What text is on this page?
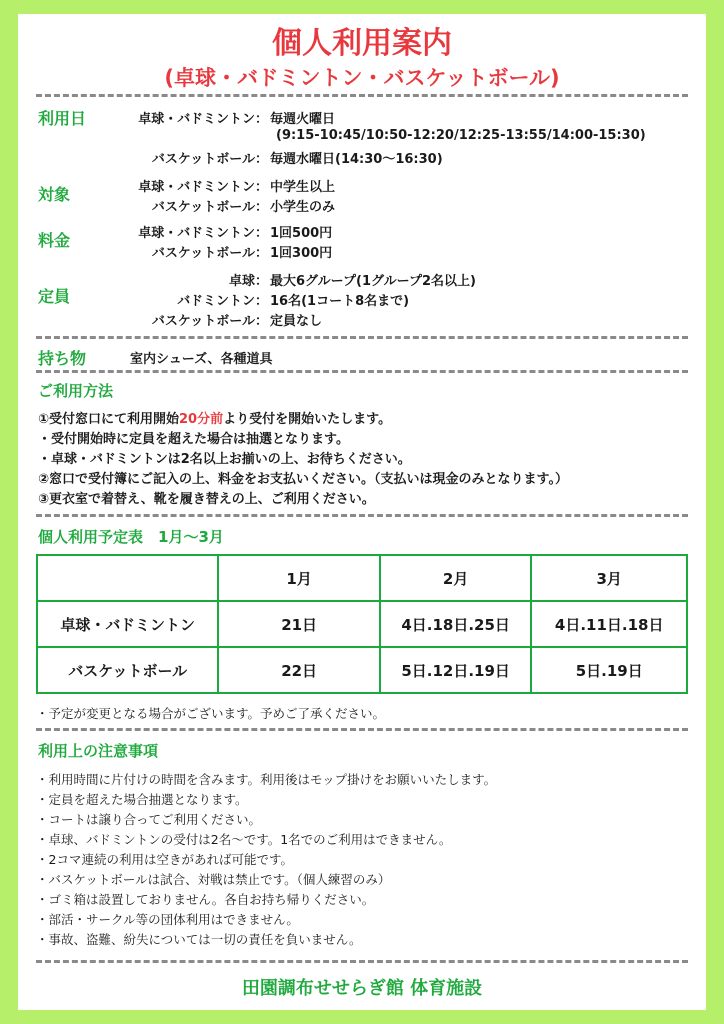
個人利用案内
(卓球・バドミントン・バスケットボール)
利用日	卓球・バドミントン： 毎週火曜日
(9:15-10:45/10:50-12:20/12:25-13:55/14:00-15:30)
バスケットボール： 毎週水曜日(14:30〜16:30)
対象	卓球・バドミントン： 中学生以上
バスケットボール： 小学生のみ
料金	卓球・バドミントン： 1回500円
バスケットボール： 1回300円
定員
卓球： 最大6グループ(1グループ2名以上)
バドミントン： 16名(1コート8名まで)
バスケットボール： 定員なし
持ち物	室内シューズ、各種道具
ご利用方法
①受付窓口にて利用開始20分前より受付を開始いたします。
・受付開始時に定員を超えた場合は抽選となります。
・卓球・バドミントンは2名以上お揃いの上、お待ちください。
②窓口で受付簿にご記入の上、料金をお支払いください。（支払いは現金のみとなります。）
③更衣室で着替え、靴を履き替えの上、ご利用ください。
個人利用予定表　1月〜3月
	1月	2月	3月
卓球・バドミントン	21日	4日.18日.25日	4日.11日.18日
バスケットボール	22日	5日.12日.19日	5日.19日
・予定が変更となる場合がございます。予めご了承ください。
利用上の注意事項
・利用時間に片付けの時間を含みます。利用後はモップ掛けをお願いいたします。
・定員を超えた場合抽選となります。
・コートは譲り合ってご利用ください。
・卓球、バドミントンの受付は2名〜です。1名でのご利用はできません。
・2コマ連続の利用は空きがあれば可能です。
・バスケットボールは試合、対戦は禁止です。（個人練習のみ）
・ゴミ箱は設置しておりません。各自お持ち帰りください。
・部活・サークル等の団体利用はできません。
・事故、盗難、紛失については一切の責任を負いません。
田園調布せせらぎ館 体育施設
